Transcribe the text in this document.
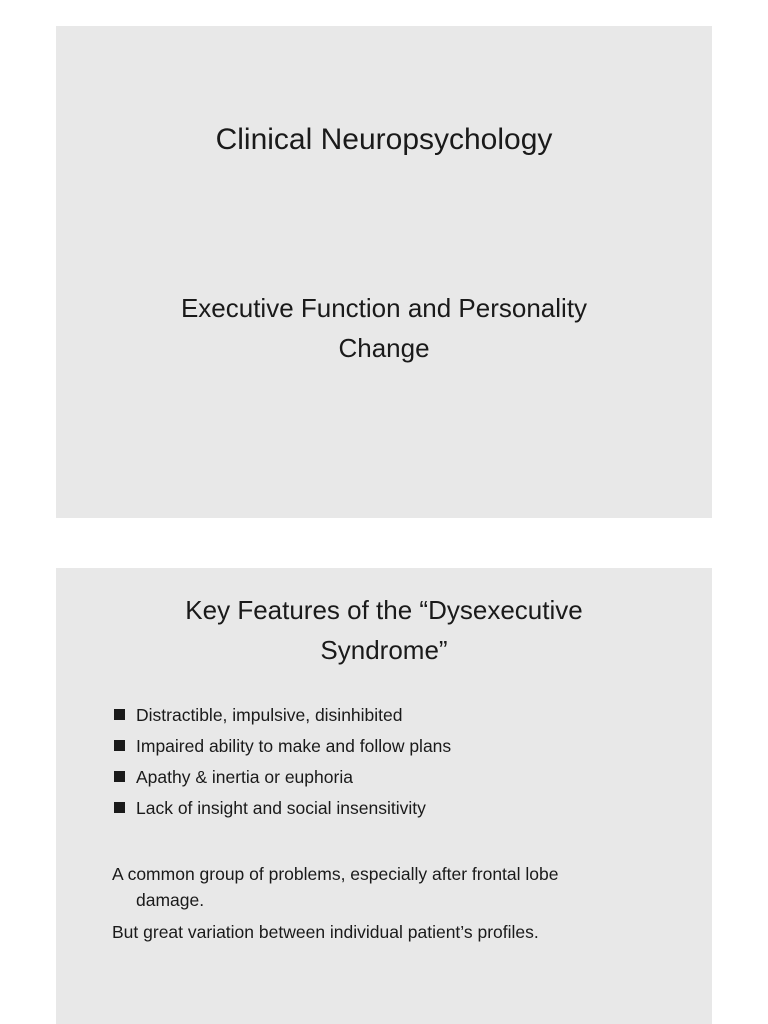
Clinical Neuropsychology
Executive Function and Personality
Change
Key Features of the “Dysexecutive
Syndrome”
Distractible, impulsive, disinhibited
Impaired ability to make and follow plans
Apathy & inertia or euphoria
Lack of insight and social insensitivity

A common group of problems, especially after frontal lobe
damage.

But great variation between individual patient’s profiles.
